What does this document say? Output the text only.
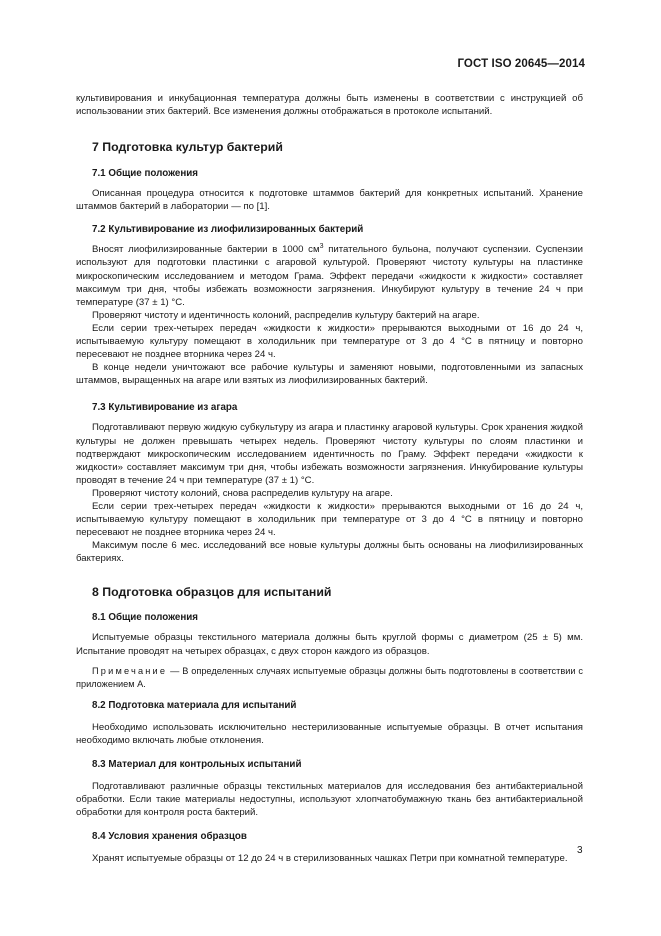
ГОСТ ISO 20645—2014

культивирования и инкубационная температура должны быть изменены в соответствии с инструкцией об использовании этих бактерий. Все изменения должны отображаться в протоколе испытаний.

7 Подготовка культур бактерий
7.1 Общие положения

Описанная процедура относится к подготовке штаммов бактерий для конкретных испытаний. Хранение штаммов бактерий в лаборатории — по [1].

7.2 Культивирование из лиофилизированных бактерий

Вносят лиофилизированные бактерии в 1000 $см^3$ питательного бульона, получают суспензии. Суспензии используют для подготовки пластинки с агаровой культурой. Проверяют чистоту культуры на пластинке микроскопическим исследованием и методом Грама. Эффект передачи «жидкости к жидкости» составляет максимум три дня, чтобы избежать возможности загрязнения. Инкубируют культуру в течение 24 ч при температуре (37 ± 1) °С.

Проверяют чистоту и идентичность колоний, распределив культуру бактерий на агаре.

Если серии трех-четырех передач «жидкости к жидкости» прерываются выходными от 16 до 24 ч, испытываемую культуру помещают в холодильник при температуре от 3 до 4 °С в пятницу и повторно пересевают не позднее вторника через 24 ч.

В конце недели уничтожают все рабочие культуры и заменяют новыми, подготовленными из запасных штаммов, выращенных на агаре или взятых из лиофилизированных бактерий.

7.3 Культивирование из агара

Подготавливают первую жидкую субкультуру из агара и пластинку агаровой культуры. Срок хранения жидкой культуры не должен превышать четырех недель. Проверяют чистоту культуры по слоям пластинки и подтверждают микроскопическим исследованием идентичность по Граму. Эффект передачи «жидкости к жидкости» составляет максимум три дня, чтобы избежать возможности загрязнения. Инкубирование культуры проводят в течение 24 ч при температуре (37 ± 1) °С.

Проверяют чистоту колоний, снова распределив культуру на агаре.

Если серии трех-четырех передач «жидкости к жидкости» прерываются выходными от 16 до 24 ч, испытываемую культуру помещают в холодильник при температуре от 3 до 4 °С в пятницу и повторно пересевают не позднее вторника через 24 ч.

Максимум после 6 мес. исследований все новые культуры должны быть основаны на лиофилизированных бактериях.

8 Подготовка образцов для испытаний
8.1 Общие положения

Испытуемые образцы текстильного материала должны быть круглой формы с диаметром (25 ± 5) мм. Испытание проводят на четырех образцах, с двух сторон каждого из образцов.

Примечание — В определенных случаях испытуемые образцы должны быть подготовлены в соответствии с приложением А.

8.2 Подготовка материала для испытаний

Необходимо использовать исключительно нестерилизованные испытуемые образцы. В отчет испытания необходимо включать любые отклонения.

8.3 Материал для контрольных испытаний

Подготавливают различные образцы текстильных материалов для исследования без антибактериальной обработки. Если такие материалы недоступны, используют хлопчатобумажную ткань без антибактериальной обработки для контроля роста бактерий.

8.4 Условия хранения образцов

Хранят испытуемые образцы от 12 до 24 ч в стерилизованных чашках Петри при комнатной температуре.

3
